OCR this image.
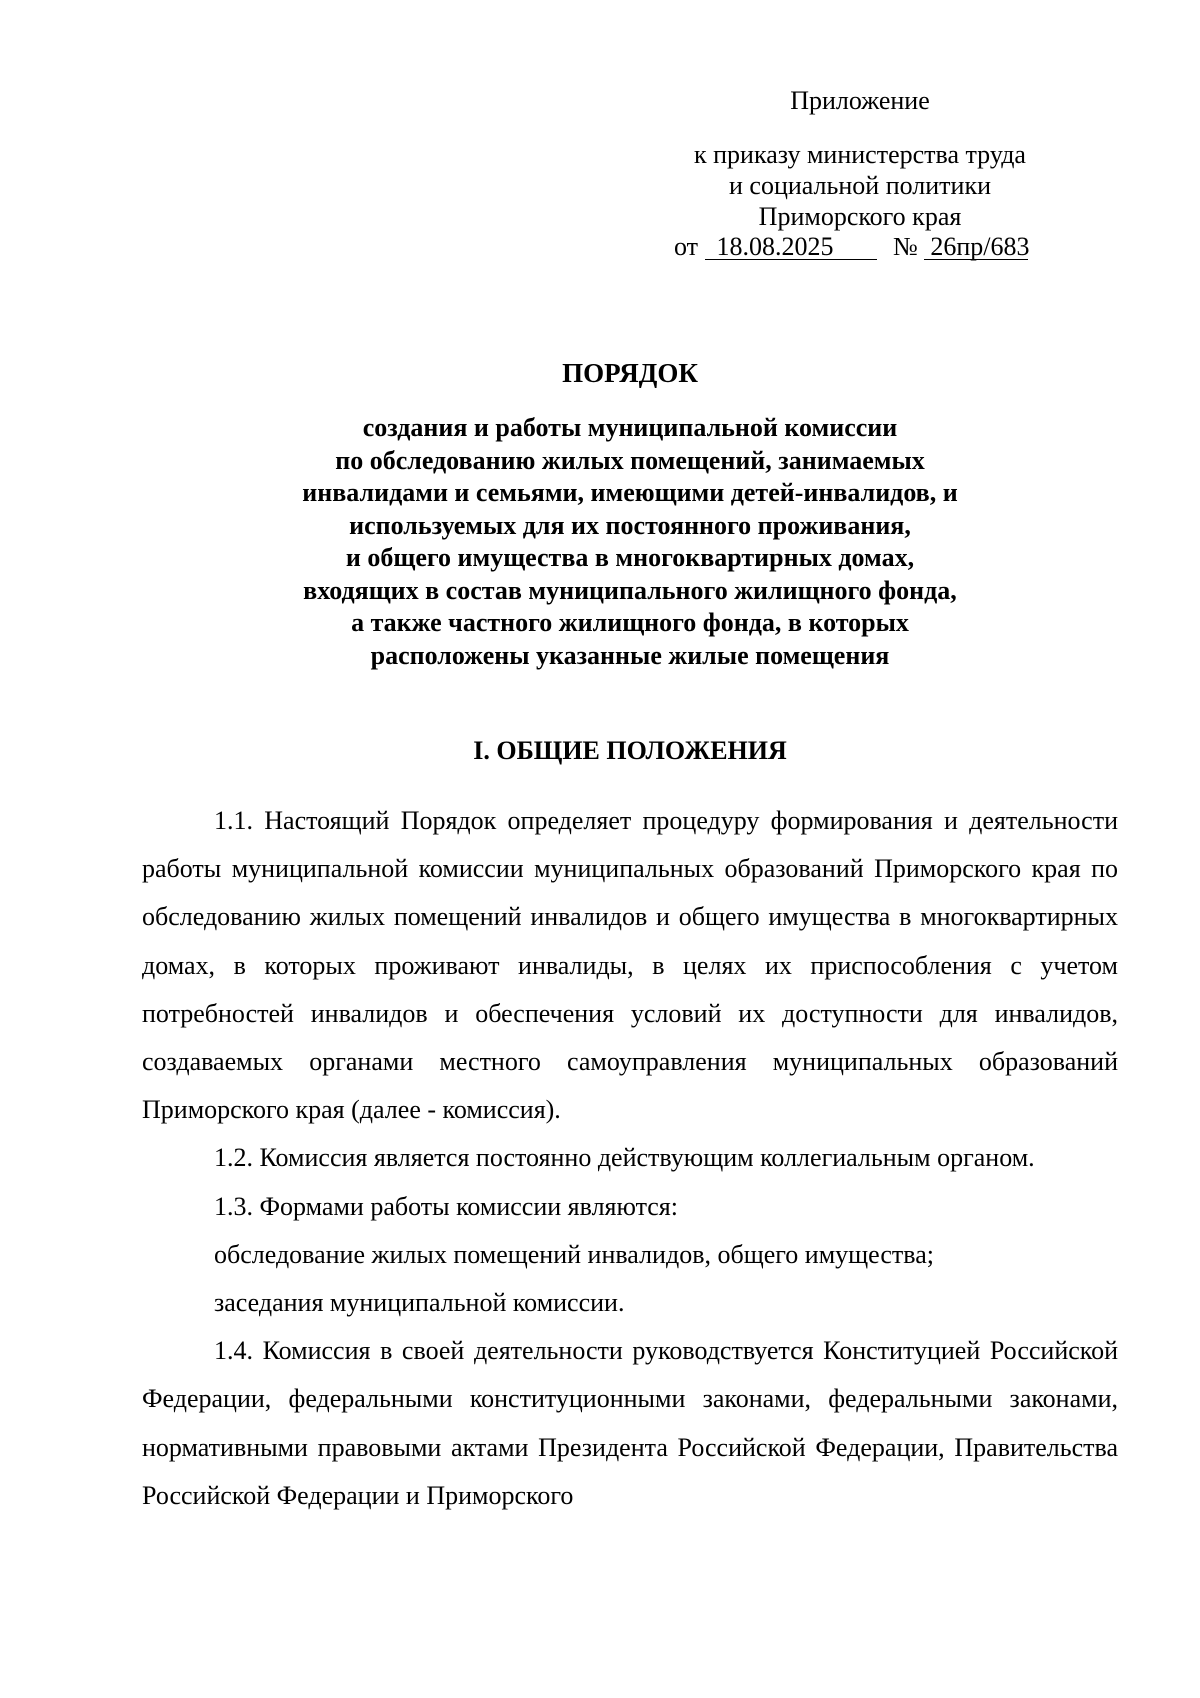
Приложение
к приказу министерства труда
и социальной политики
Приморского края
от 18.08.2025 № 26пр/683
ПОРЯДОК
создания и работы муниципальной комиссии
по обследованию жилых помещений, занимаемых
инвалидами и семьями, имеющими детей-инвалидов, и
используемых для их постоянного проживания,
и общего имущества в многоквартирных домах,
входящих в состав муниципального жилищного фонда,
а также частного жилищного фонда, в которых
расположены указанные жилые помещения
I. ОБЩИЕ ПОЛОЖЕНИЯ

1.1. Настоящий Порядок определяет процедуру формирования и деятельности работы муниципальной комиссии муниципальных образований Приморского края по обследованию жилых помещений инвалидов и общего имущества в многоквартирных домах, в которых проживают инвалиды, в целях их приспособления с учетом потребностей инвалидов и обеспечения условий их доступности для инвалидов, создаваемых органами местного самоуправления муниципальных образований Приморского края (далее - комиссия).

1.2. Комиссия является постоянно действующим коллегиальным органом.

1.3. Формами работы комиссии являются:

обследование жилых помещений инвалидов, общего имущества;

заседания муниципальной комиссии.

1.4. Комиссия в своей деятельности руководствуется Конституцией Российской Федерации, федеральными конституционными законами, федеральными законами, нормативными правовыми актами Президента Российской Федерации, Правительства Российской Федерации и Приморского
